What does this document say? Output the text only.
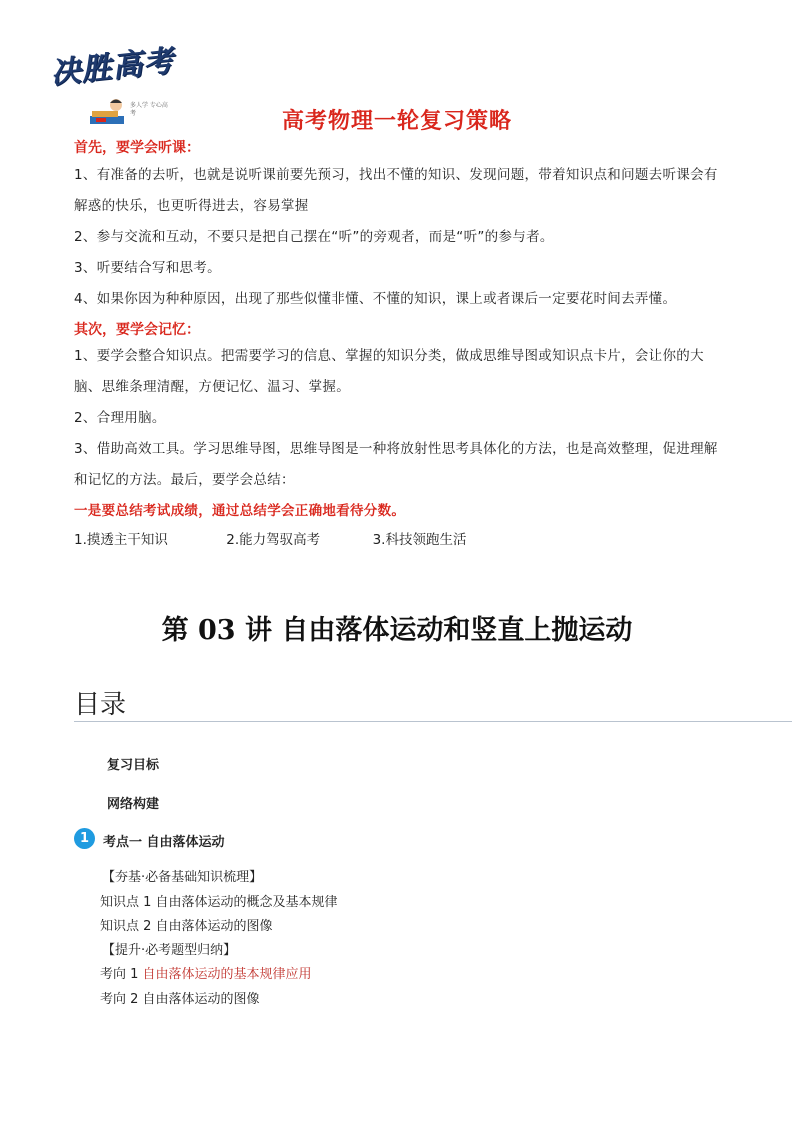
决胜高考
多人学 专心高考	高考物理一轮复习策略
首先，要学会听课：
1、有准备的去听，也就是说听课前要先预习，找出不懂的知识、发现问题，带着知识点和问题去听课会有解惑的快乐，也更听得进去，容易掌握
2、参与交流和互动，不要只是把自己摆在“听”的旁观者，而是“听”的参与者。
3、听要结合写和思考。
4、如果你因为种种原因，出现了那些似懂非懂、不懂的知识，课上或者课后一定要花时间去弄懂。
其次，要学会记忆：
1、要学会整合知识点。把需要学习的信息、掌握的知识分类，做成思维导图或知识点卡片，会让你的大脑、思维条理清醒，方便记忆、温习、掌握。
2、合理用脑。
3、借助高效工具。学习思维导图，思维导图是一种将放射性思考具体化的方法，也是高效整理，促进理解和记忆的方法。最后，要学会总结：
一是要总结考试成绩，通过总结学会正确地看待分数。
1.摸透主干知识	2.能力驾驭高考	3.科技领跑生活
第 03 讲 自由落体运动和竖直上抛运动
目录
复习目标
网络构建
1	考点一 自由落体运动
【夯基·必备基础知识梳理】
知识点 1 自由落体运动的概念及基本规律
知识点 2 自由落体运动的图像
【提升·必考题型归纳】
考向 1 自由落体运动的基本规律应用
考向 2 自由落体运动的图像
